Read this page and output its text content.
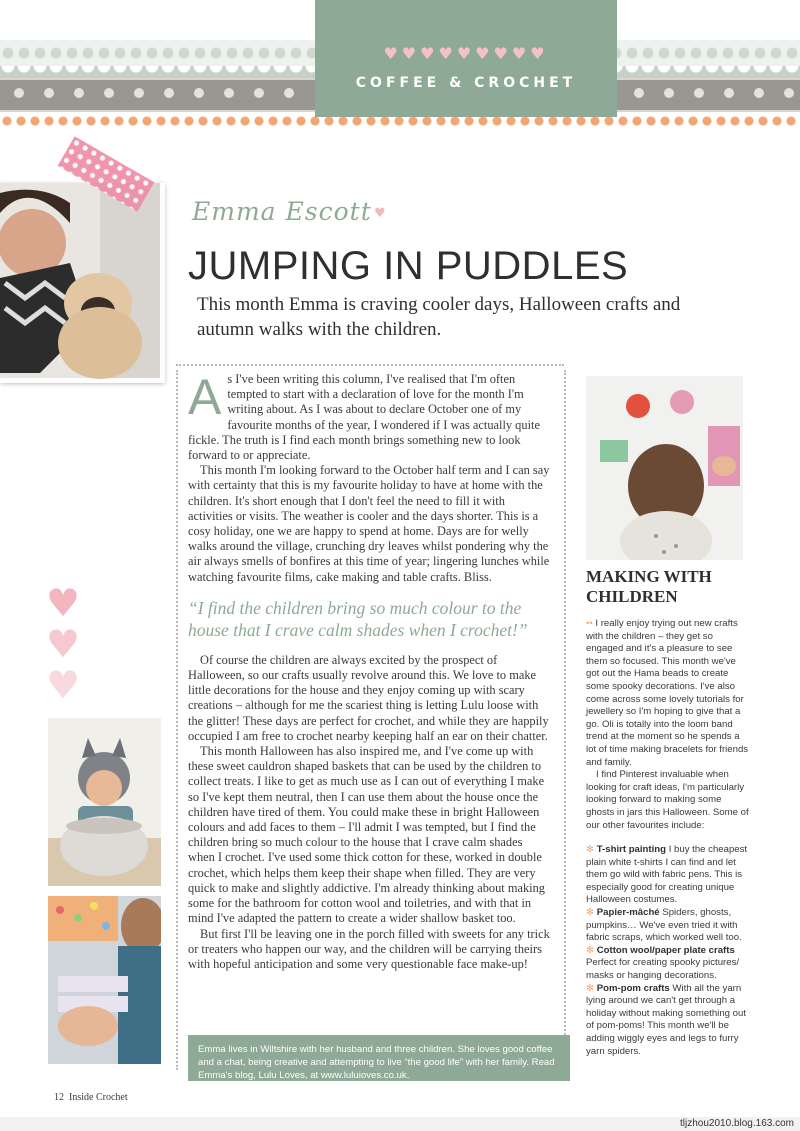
♥♥♥♥♥♥♥♥♥
COFFEE & CROCHET
Emma Escott ♥
JUMPING IN PUDDLES

This month Emma is craving cooler days, Halloween crafts and autumn walks with the children.

As I've been writing this column, I've realised that I'm often tempted to start with a declaration of love for the month I'm writing about. As I was about to declare October one of my favourite months of the year, I wondered if I was actually quite fickle. The truth is I find each month brings something new to look forward to or appreciate.

This month I'm looking forward to the October half term and I can say with certainty that this is my favourite holiday to have at home with the children. It's short enough that I don't feel the need to fill it with activities or visits. The weather is cooler and the days shorter. This is a cosy holiday, one we are happy to spend at home. Days are for welly walks around the village, crunching dry leaves whilst pondering why the air always smells of bonfires at this time of year; lingering lunches while watching favourite films, cake making and table crafts. Bliss.

“I find the children bring so much colour to the house that I crave calm shades when I crochet!”

Of course the children are always excited by the prospect of Halloween, so our crafts usually revolve around this. We love to make little decorations for the house and they enjoy coming up with scary creations – although for me the scariest thing is letting Lulu loose with the glitter! These days are perfect for crochet, and while they are happily occupied I am free to crochet nearby keeping half an ear on their chatter.

This month Halloween has also inspired me, and I've come up with these sweet cauldron shaped baskets that can be used by the children to collect treats. I like to get as much use as I can out of everything I make so I've kept them neutral, then I can use them about the house once the children have tired of them. You could make these in bright Halloween colours and add faces to them – I'll admit I was tempted, but I find the children bring so much colour to the house that I crave calm shades when I crochet. I've used some thick cotton for these, worked in double crochet, which helps them keep their shape when filled. They are very quick to make and slightly addictive. I'm already thinking about making some for the bathroom for cotton wool and toiletries, and with that in mind I've adapted the pattern to create a wider shallow basket too.

But first I'll be leaving one in the porch filled with sweets for any trick or treaters who happen our way, and the children will be carrying theirs with hopeful anticipation and some very questionable face make-up!

Emma lives in Wiltshire with her husband and three children. She loves good coffee and a chat, being creative and attempting to live “the good life” with her family. Read Emma's blog, Lulu Loves, at www.luluioves.co.uk.
♥
♥
♥
MAKING WITH CHILDREN

•• I really enjoy trying out new crafts with the children – they get so engaged and it's a pleasure to see them so focused. This month we've got out the Hama beads to create some spooky decorations. I've also come across some lovely tutorials for jewellery so I'm hoping to give that a go. Oli is totally into the loom band trend at the moment so he spends a lot of time making bracelets for friends and family.

I find Pinterest invaluable when looking for craft ideas, I'm particularly looking forward to making some ghosts in jars this Halloween. Some of our other favourites include:

✻ T-shirt painting I buy the cheapest plain white t-shirts I can find and let them go wild with fabric pens. This is especially good for creating unique Halloween costumes.

✻ Papier-mâché Spiders, ghosts, pumpkins… We've even tried it with fabric scraps, which worked well too.

✻ Cotton wool/paper plate crafts Perfect for creating spooky pictures/ masks or hanging decorations.

✻ Pom-pom crafts With all the yarn lying around we can't get through a holiday without making something out of pom-poms! This month we'll be adding wiggly eyes and legs to furry yarn spiders.

12 Inside Crochet
tljzhou2010.blog.163.com
